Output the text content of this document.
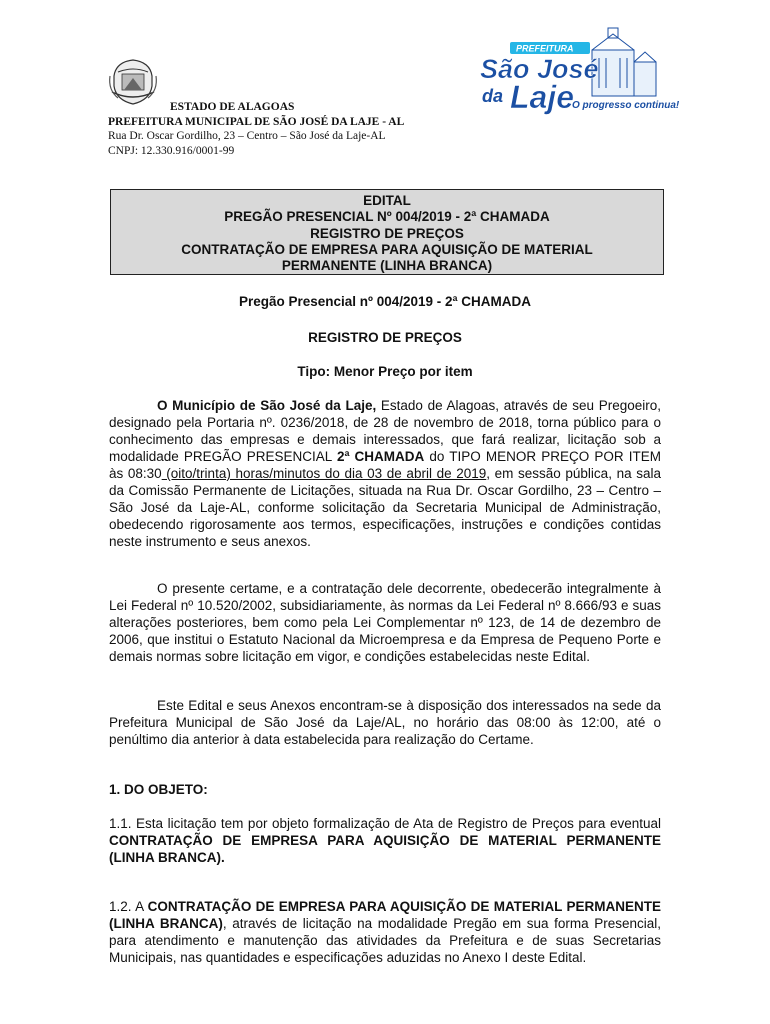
ESTADO DE ALAGOAS
PREFEITURA MUNICIPAL DE SÃO JOSÉ DA LAJE - AL
Rua Dr. Oscar Gordilho, 23 – Centro – São José da Laje-AL
CNPJ: 12.330.916/0001-99
PREFEITURA
São José
da Laje
O progresso continua!
EDITAL
PREGÃO PRESENCIAL Nº 004/2019 - 2ª CHAMADA
REGISTRO DE PREÇOS
CONTRATAÇÃO DE EMPRESA PARA AQUISIÇÃO DE MATERIAL
PERMANENTE (LINHA BRANCA)
Pregão Presencial nº 004/2019 - 2ª CHAMADA
REGISTRO DE PREÇOS
Tipo: Menor Preço por item
O Município de São José da Laje, Estado de Alagoas, através de seu Pregoeiro, designado pela Portaria nº. 0236/2018, de 28 de novembro de 2018, torna público para o conhecimento das empresas e demais interessados, que fará realizar, licitação sob a modalidade PREGÃO PRESENCIAL 2ª CHAMADA do TIPO MENOR PREÇO POR ITEM às 08:30 (oito/trinta) horas/minutos do dia 03 de abril de 2019, em sessão pública, na sala da Comissão Permanente de Licitações, situada na Rua Dr. Oscar Gordilho, 23 – Centro – São José da Laje-AL, conforme solicitação da Secretaria Municipal de Administração, obedecendo rigorosamente aos termos, especificações, instruções e condições contidas neste instrumento e seus anexos.
O presente certame, e a contratação dele decorrente, obedecerão integralmente à Lei Federal nº 10.520/2002, subsidiariamente, às normas da Lei Federal nº 8.666/93 e suas alterações posteriores, bem como pela Lei Complementar nº 123, de 14 de dezembro de 2006, que institui o Estatuto Nacional da Microempresa e da Empresa de Pequeno Porte e demais normas sobre licitação em vigor, e condições estabelecidas neste Edital.
Este Edital e seus Anexos encontram-se à disposição dos interessados na sede da Prefeitura Municipal de São José da Laje/AL, no horário das 08:00 às 12:00, até o penúltimo dia anterior à data estabelecida para realização do Certame.
1. DO OBJETO:
1.1. Esta licitação tem por objeto formalização de Ata de Registro de Preços para eventual CONTRATAÇÃO DE EMPRESA PARA AQUISIÇÃO DE MATERIAL PERMANENTE (LINHA BRANCA).
1.2. A CONTRATAÇÃO DE EMPRESA PARA AQUISIÇÃO DE MATERIAL PERMANENTE (LINHA BRANCA), através de licitação na modalidade Pregão em sua forma Presencial, para atendimento e manutenção das atividades da Prefeitura e de suas Secretarias Municipais, nas quantidades e especificações aduzidas no Anexo I deste Edital.
